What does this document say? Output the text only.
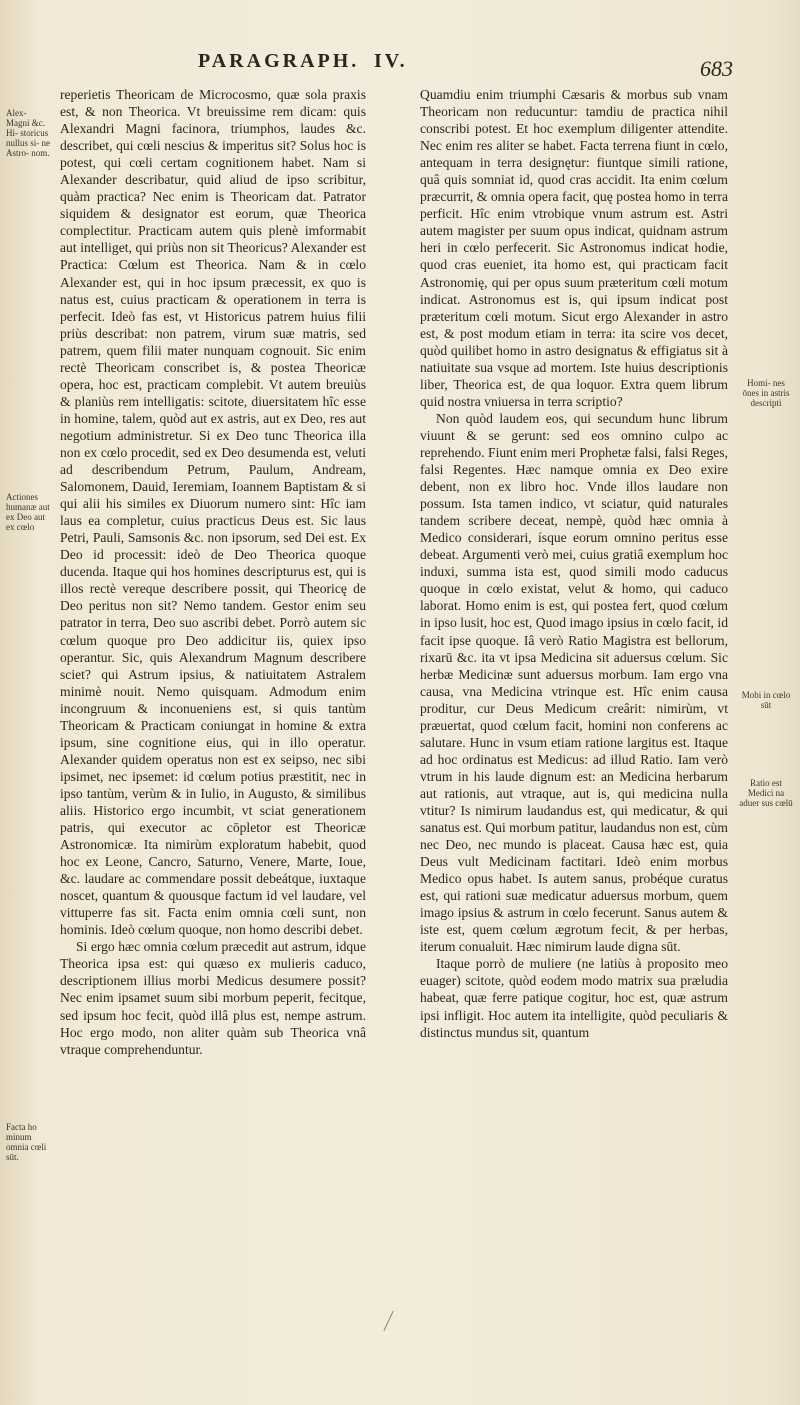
PARAGRAPH. IV.	683
Alex- Magni &c. Hi- storicus nullus si- ne Astro- nom.
Actiones humanæ aut ex Deo aut ex cœlo
Facta ho minum omnia cœli sūt.
Homi- nes ōnes in astris descripti
Mobi in cœlo sūt
Ratio est Medici na aduer sus cœlū

reperietis Theoricam de Microcosmo, quæ sola praxis est, & non Theorica. Vt breuissime rem dicam: quis Alexandri Magni facinora, triumphos, laudes &c. describet, qui cœli nescius & imperitus sit? Solus hoc is potest, qui cœli certam cognitionem habet. Nam si Alexander describatur, quid aliud de ipso scribitur, quàm practica? Nec enim is Theoricam dat. Patrator siquidem & designator est eorum, quæ Theorica complectitur. Practicam autem quis plenè imformabit aut intelliget, qui priùs non sit Theoricus? Alexander est Practica: Cœlum est Theorica. Nam & in cœlo Alexander est, qui in hoc ipsum præcessit, ex quo is natus est, cuius practicam & operationem in terra is perfecit. Ideò fas est, vt Historicus patrem huius filii priùs describat: non patrem, virum suæ matris, sed patrem, quem filii mater nunquam cognouit. Sic enim rectè Theoricam conscribet is, & postea Theoricæ opera, hoc est, practicam complebit. Vt autem breuiùs & planiùs rem intelligatis: scitote, diuersitatem hîc esse in homine, talem, quòd aut ex astris, aut ex Deo, res aut negotium administretur. Si ex Deo tunc Theorica illa non ex cœlo procedit, sed ex Deo desumenda est, veluti ad describendum Petrum, Paulum, Andream, Salomonem, Dauid, Ieremiam, Ioannem Baptistam & si qui alii his similes ex Diuorum numero sint: Hîc iam laus ea completur, cuius practicus Deus est. Sic laus Petri, Pauli, Samsonis &c. non ipsorum, sed Dei est. Ex Deo id processit: ideò de Deo Theorica quoque ducenda. Itaque qui hos homines descripturus est, qui is illos rectè vereque describere possit, qui Theoricę de Deo peritus non sit? Nemo tandem. Gestor enim seu patrator in terra, Deo suo ascribi debet. Porrò autem sic cœlum quoque pro Deo addicitur iis, quiex ipso operantur. Sic, quis Alexandrum Magnum describere sciet? qui Astrum ipsius, & natiuitatem Astralem minimè nouit. Nemo quisquam. Admodum enim incongruum & inconueniens est, si quis tantùm Theoricam & Practicam coniungat in homine & extra ipsum, sine cognitione eius, qui in illo operatur. Alexander quidem operatus non est ex seipso, nec sibi ipsimet, nec ipsemet: id cœlum potius præstitit, nec in ipso tantùm, verùm & in Iulio, in Augusto, & similibus aliis. Historico ergo incumbit, vt sciat generationem patris, qui executor ac cōpletor est Theoricæ Astronomicæ. Ita nimirùm exploratum habebit, quod hoc ex Leone, Cancro, Saturno, Venere, Marte, Ioue, &c. laudare ac commendare possit debeátque, iuxtaque noscet, quantum & quousque factum id vel laudare, vel vittuperre fas sit. Facta enim omnia cœli sunt, non hominis. Ideò cœlum quoque, non homo describi debet.

Si ergo hæc omnia cœlum præcedit aut astrum, idque Theorica ipsa est: qui quæso ex mulieris caduco, descriptionem illius morbi Medicus desumere possit? Nec enim ipsamet suum sibi morbum peperit, fecitque, sed ipsum hoc fecit, quòd illâ plus est, nempe astrum. Hoc ergo modo, non aliter quàm sub Theorica vnâ vtraque comprehenduntur.

Quamdiu enim triumphi Cæsaris & morbus sub vnam Theoricam non reducuntur: tamdiu de practica nihil conscribi potest. Et hoc exemplum diligenter attendite. Nec enim res aliter se habet. Facta terrena fiunt in cœlo, antequam in terra designętur: fiuntque simili ratione, quâ quis somniat id, quod cras accidit. Ita enim cœlum præcurrit, & omnia opera facit, quę postea homo in terra perficit. Hîc enim vtrobique vnum astrum est. Astri autem magister per suum opus indicat, quidnam astrum heri in cœlo perfecerit. Sic Astronomus indicat hodie, quod cras eueniet, ita homo est, qui practicam facit Astronomię, qui per opus suum præteritum cœli motum indicat. Astronomus est is, qui ipsum indicat post præteritum cœli motum. Sicut ergo Alexander in astro est, & post modum etiam in terra: ita scire vos decet, quòd quilibet homo in astro designatus & effigiatus sit à natiuitate sua vsque ad mortem. Iste huius descriptionis liber, Theorica est, de qua loquor. Extra quem librum quid nostra vniuersa in terra scriptio?

Non quòd laudem eos, qui secundum hunc librum viuunt & se gerunt: sed eos omnino culpo ac reprehendo. Fiunt enim meri Prophetæ falsi, falsi Reges, falsi Regentes. Hæc namque omnia ex Deo exire debent, non ex libro hoc. Vnde illos laudare non possum. Ista tamen indico, vt sciatur, quid naturales tandem scribere deceat, nempè, quòd hæc omnia à Medico considerari, ísque eorum omnino peritus esse debeat. Argumenti verò mei, cuius gratiâ exemplum hoc induxi, summa ista est, quod simili modo caducus quoque in cœlo existat, velut & homo, qui caduco laborat. Homo enim is est, qui postea fert, quod cœlum in ipso lusit, hoc est, Quod imago ipsius in cœlo facit, id facit ipse quoque. Iâ verò Ratio Magistra est bellorum, rixarū &c. ita vt ipsa Medicina sit aduersus cœlum. Sic herbæ Medicinæ sunt aduersus morbum. Iam ergo vna causa, vna Medicina vtrinque est. Hîc enim causa proditur, cur Deus Medicum creârit: nimirùm, vt præuertat, quod cœlum facit, homini non conferens ac salutare. Hunc in vsum etiam ratione largitus est. Itaque ad hoc ordinatus est Medicus: ad illud Ratio. Iam verò vtrum in his laude dignum est: an Medicina herbarum aut rationis, aut vtraque, aut is, qui medicina nulla vtitur? Is nimirum laudandus est, qui medicatur, & qui sanatus est. Qui morbum patitur, laudandus non est, cùm nec Deo, nec mundo is placeat. Causa hæc est, quia Deus vult Medicinam factitari. Ideò enim morbus Medico opus habet. Is autem sanus, probéque curatus est, qui rationi suæ medicatur aduersus morbum, quem imago ipsius & astrum in cœlo fecerunt. Sanus autem & iste est, quem cœlum ægrotum fecit, & per herbas, iterum conualuit. Hæc nimirum laude digna sūt.

Itaque porrò de muliere (ne latiùs à proposito meo euager) scitote, quòd eodem modo matrix sua præludia habeat, quæ ferre patique cogitur, hoc est, quæ astrum ipsi infligit. Hoc autem ita intelligite, quòd peculiaris & distinctus mundus sit, quantum
